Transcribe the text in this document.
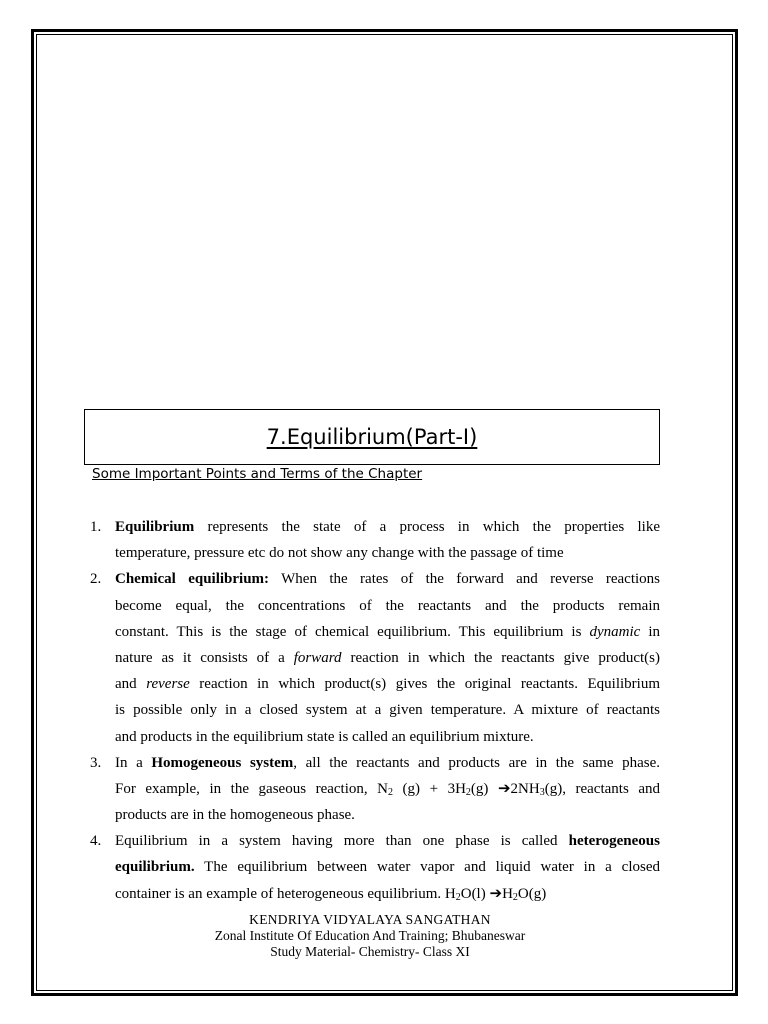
7.Equilibrium(Part-I)
Some Important Points and Terms of the Chapter
1. Equilibrium represents the state of a process in which the properties like
temperature, pressure etc do not show any change with the passage of time
2. Chemical equilibrium: When the rates of the forward and reverse reactions
become equal, the concentrations of the reactants and the products remain
constant. This is the stage of chemical equilibrium. This equilibrium is dynamic in
nature as it consists of a forward reaction in which the reactants give product(s)
and reverse reaction in which product(s) gives the original reactants. Equilibrium
is possible only in a closed system at a given temperature. A mixture of reactants
and products in the equilibrium state is called an equilibrium mixture.
3. In a Homogeneous system, all the reactants and products are in the same phase.
For example, in the gaseous reaction, $N_2$ $(g) + 3H_2(g)$ $➔2NH_3(g)$, reactants and
products are in the homogeneous phase.
4. Equilibrium in a system having more than one phase is called heterogeneous
equilibrium. The equilibrium between water vapor and liquid water in a closed
container is an example of heterogeneous equilibrium. $H_2O(l)$ $➔H_2O(g)$
KENDRIYA VIDYALAYA SANGATHAN
Zonal Institute Of Education And Training; Bhubaneswar
Study Material- Chemistry- Class XI
